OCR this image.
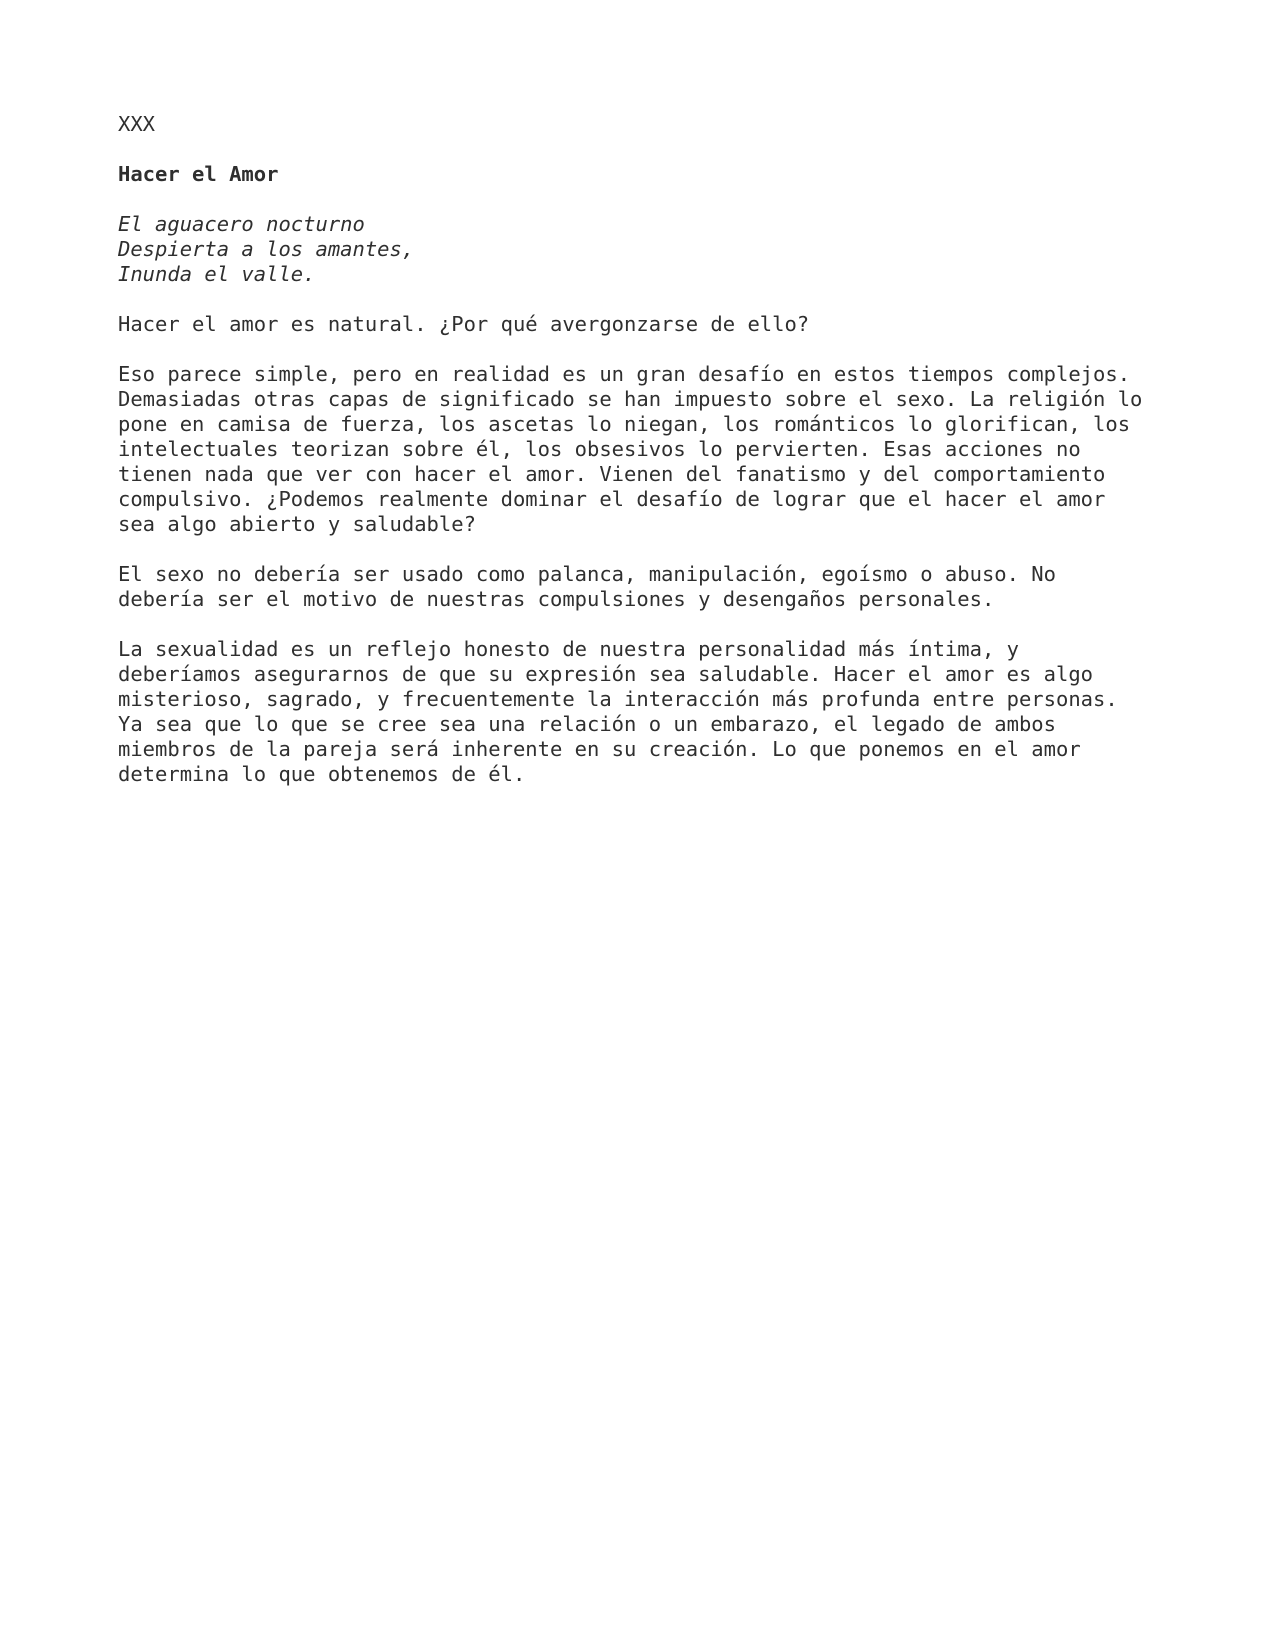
XXX
Hacer el Amor
El aguacero nocturno
Despierta a los amantes,
Inunda el valle.

Hacer el amor es natural. ¿Por qué avergonzarse de ello?

Eso parece simple, pero en realidad es un gran desafío en estos tiempos complejos.
Demasiadas otras capas de significado se han impuesto sobre el sexo. La religión lo
pone en camisa de fuerza, los ascetas lo niegan, los románticos lo glorifican, los
intelectuales teorizan sobre él, los obsesivos lo pervierten. Esas acciones no
tienen nada que ver con hacer el amor. Vienen del fanatismo y del comportamiento
compulsivo. ¿Podemos realmente dominar el desafío de lograr que el hacer el amor
sea algo abierto y saludable?

El sexo no debería ser usado como palanca, manipulación, egoísmo o abuso. No
debería ser el motivo de nuestras compulsiones y desengaños personales.

La sexualidad es un reflejo honesto de nuestra personalidad más íntima, y
deberíamos asegurarnos de que su expresión sea saludable. Hacer el amor es algo
misterioso, sagrado, y frecuentemente la interacción más profunda entre personas.
Ya sea que lo que se cree sea una relación o un embarazo, el legado de ambos
miembros de la pareja será inherente en su creación. Lo que ponemos en el amor
determina lo que obtenemos de él.
